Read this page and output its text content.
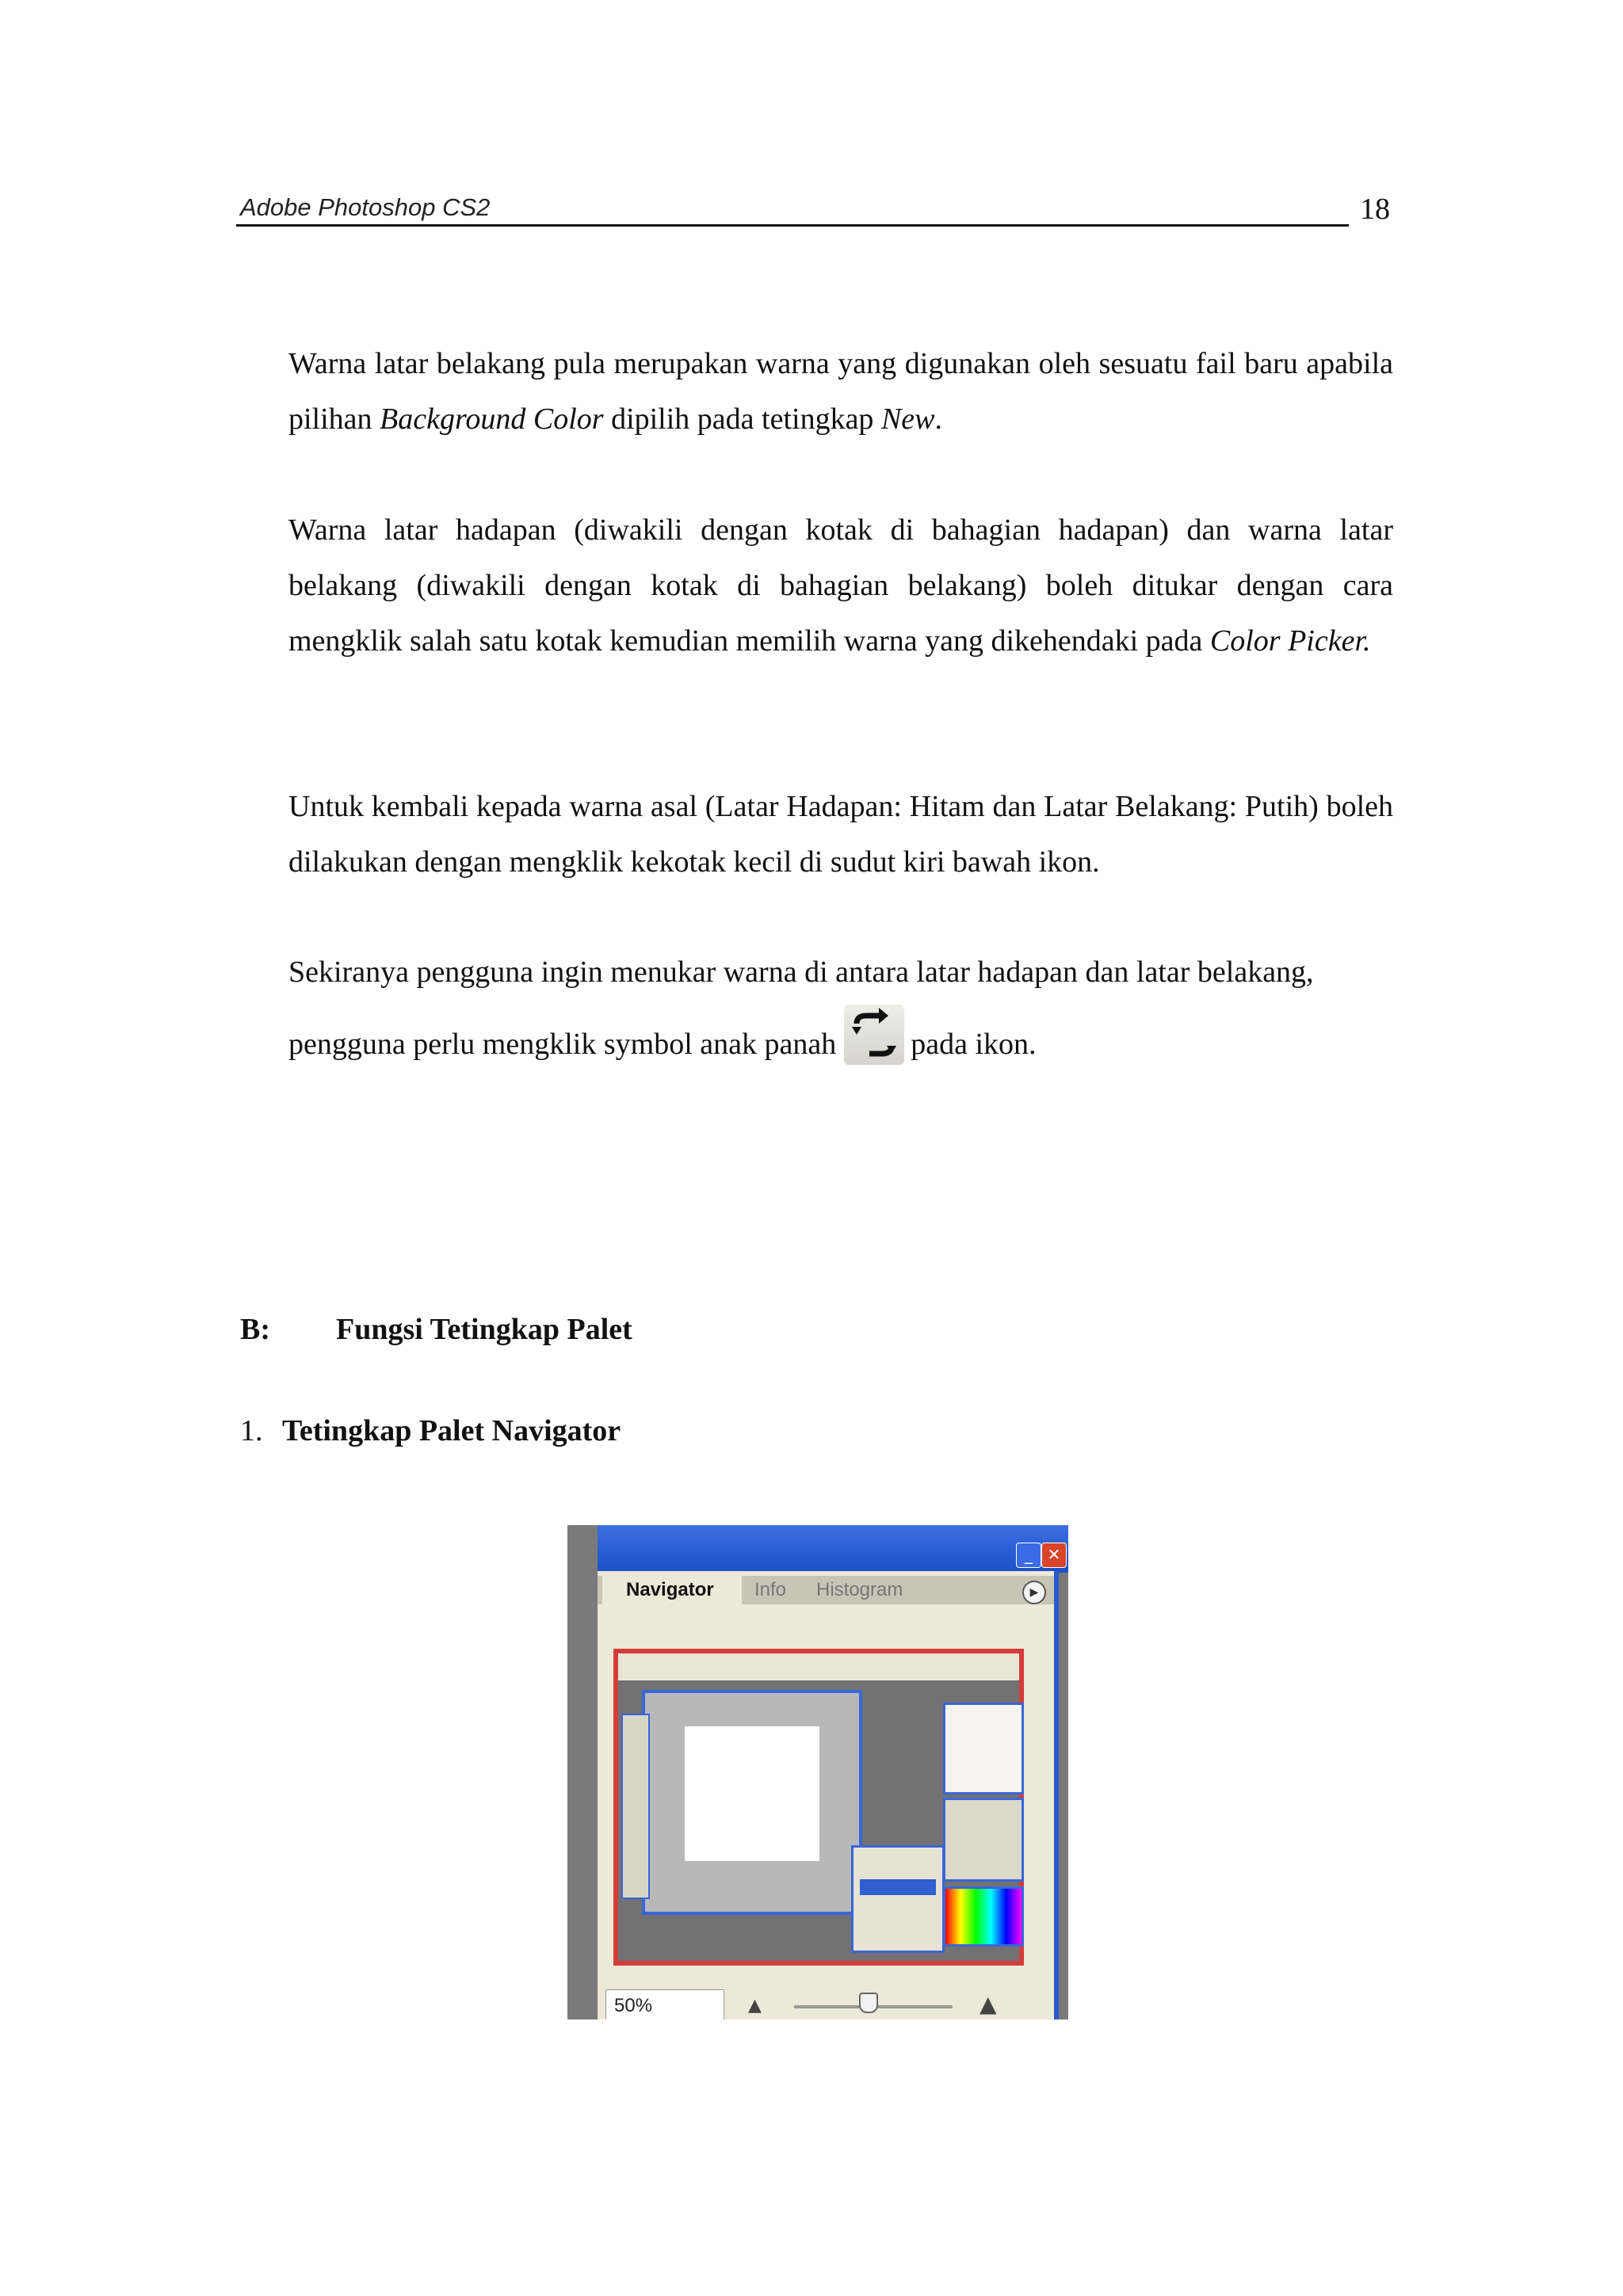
Adobe Photoshop CS2	18

Warna latar belakang pula merupakan warna yang digunakan oleh sesuatu fail baru apabila pilihan Background Color dipilih pada tetingkap New.

Warna latar hadapan (diwakili dengan kotak di bahagian hadapan) dan warna latar belakang (diwakili dengan kotak di bahagian belakang) boleh ditukar dengan cara mengklik salah satu kotak kemudian memilih warna yang dikehendaki pada Color Picker.

Untuk kembali kepada warna asal (Latar Hadapan: Hitam dan Latar Belakang: Putih) boleh dilakukan dengan mengklik kekotak kecil di sudut kiri bawah ikon.

Sekiranya pengguna ingin menukar warna di antara latar hadapan dan latar belakang,
pengguna perlu mengklik symbol anak panah pada ikon.

B: Fungsi Tetingkap Palet
1. Tetingkap Palet Navigator
_ ✕
Histogram
Info
Navigator	▶
50%	▲	▲
